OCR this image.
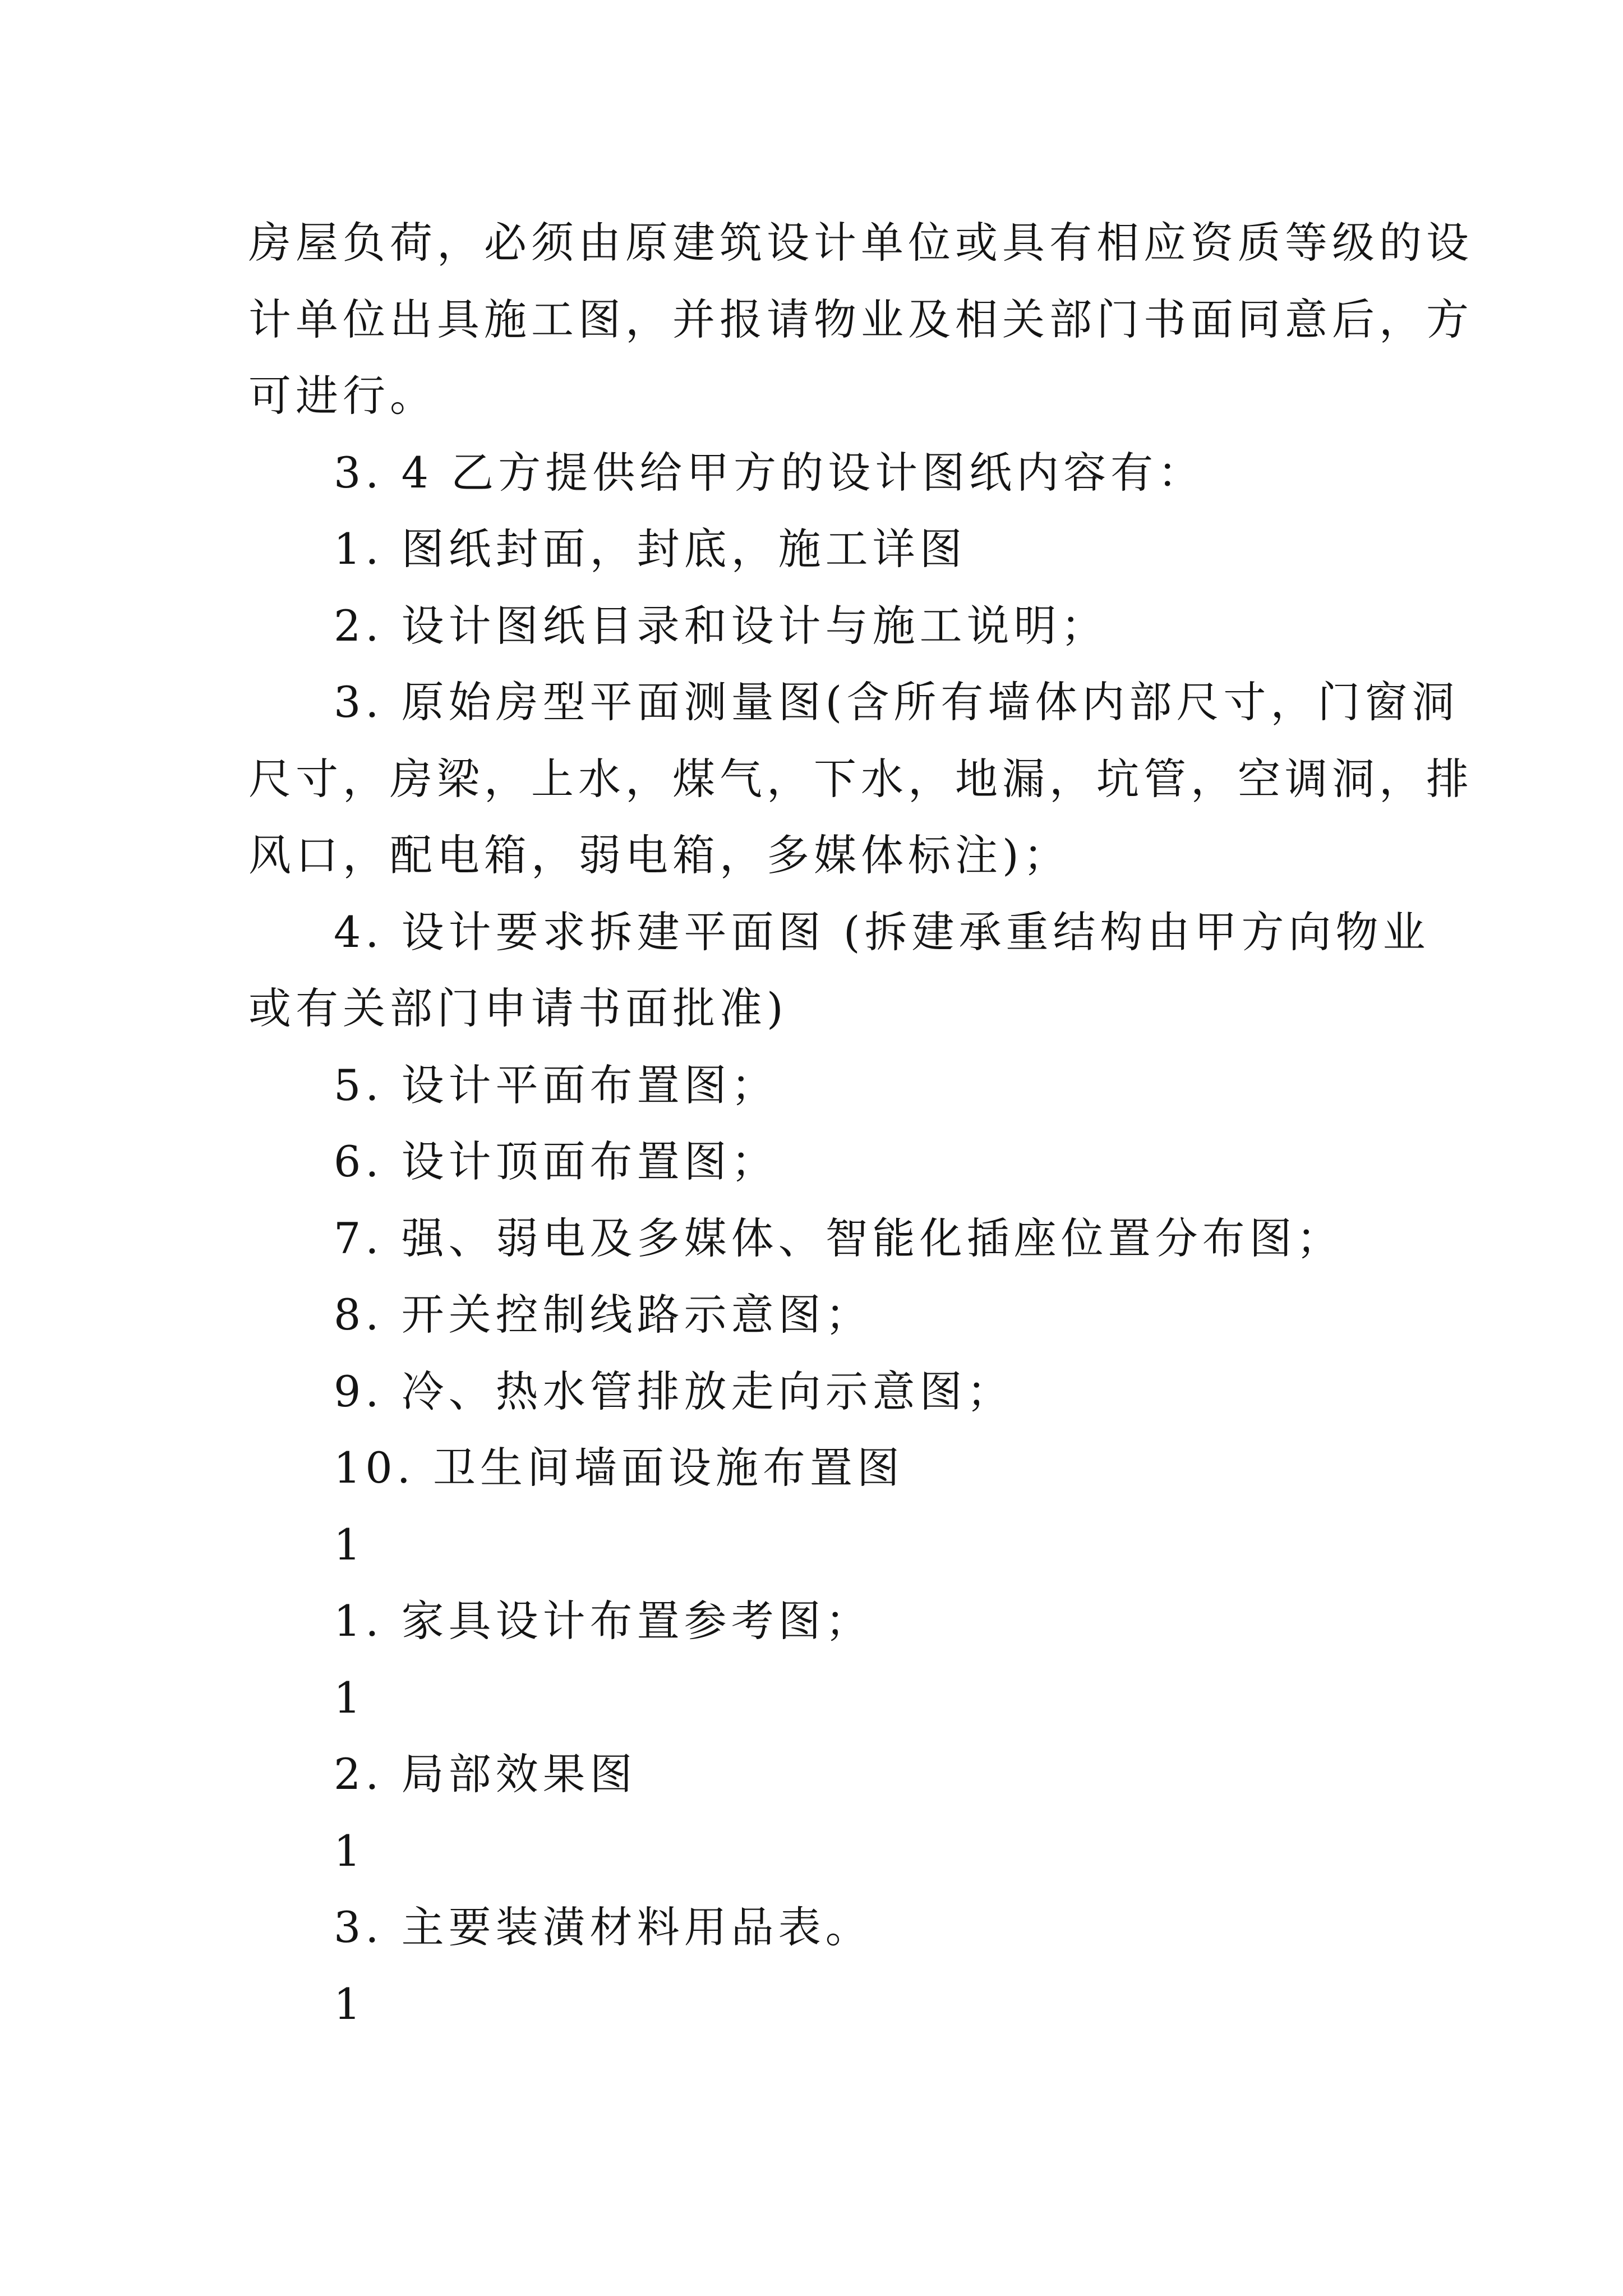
房屋负荷，必须由原建筑设计单位或具有相应资质等级的设
计单位出具施工图，并报请物业及相关部门书面同意后，方
可进行。
3. 4 乙方提供给甲方的设计图纸内容有：
1. 图纸封面，封底，施工详图
2. 设计图纸目录和设计与施工说明；
3. 原始房型平面测量图(含所有墙体内部尺寸，门窗洞
尺寸，房梁，上水，煤气，下水，地漏，坑管，空调洞，排
风口，配电箱，弱电箱，多媒体标注)；
4. 设计要求拆建平面图 (拆建承重结构由甲方向物业
或有关部门申请书面批准)
5. 设计平面布置图；
6. 设计顶面布置图；
7. 强、弱电及多媒体、智能化插座位置分布图；
8. 开关控制线路示意图；
9. 冷、热水管排放走向示意图；
10. 卫生间墙面设施布置图
1
1. 家具设计布置参考图；
1
2. 局部效果图
1
3. 主要装潢材料用品表。
1
